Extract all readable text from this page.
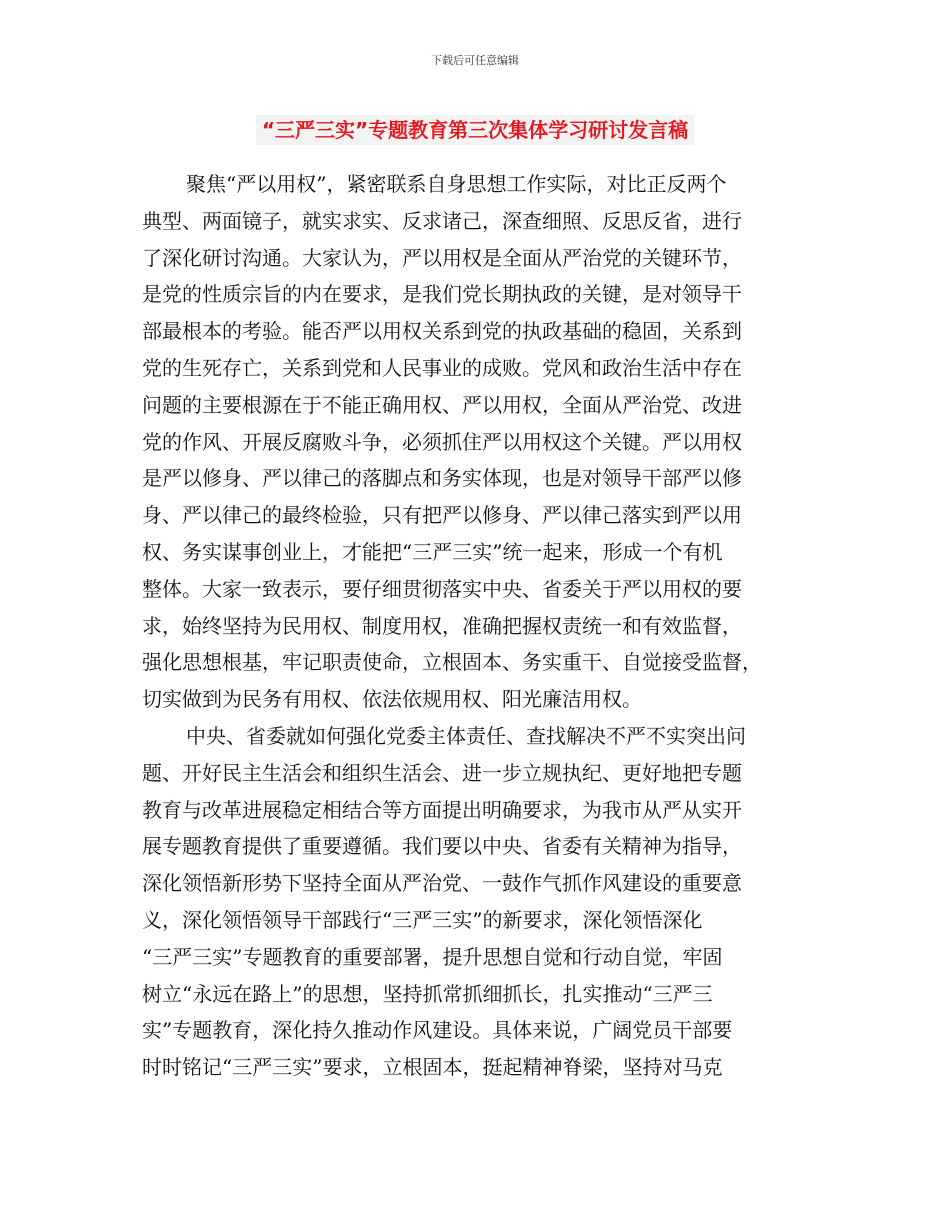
下载后可任意编辑
“三严三实”专题教育第三次集体学习研讨发言稿
聚焦“严以用权”，紧密联系自身思想工作实际，对比正反两个
典型、两面镜子，就实求实、反求诸己，深查细照、反思反省，进行
了深化研讨沟通。大家认为，严以用权是全面从严治党的关键环节，
是党的性质宗旨的内在要求，是我们党长期执政的关键，是对领导干
部最根本的考验。能否严以用权关系到党的执政基础的稳固，关系到
党的生死存亡，关系到党和人民事业的成败。党风和政治生活中存在
问题的主要根源在于不能正确用权、严以用权，全面从严治党、改进
党的作风、开展反腐败斗争，必须抓住严以用权这个关键。严以用权
是严以修身、严以律己的落脚点和务实体现，也是对领导干部严以修
身、严以律己的最终检验，只有把严以修身、严以律己落实到严以用
权、务实谋事创业上，才能把“三严三实”统一起来，形成一个有机
整体。大家一致表示，要仔细贯彻落实中央、省委关于严以用权的要
求，始终坚持为民用权、制度用权，准确把握权责统一和有效监督，
强化思想根基，牢记职责使命，立根固本、务实重干、自觉接受监督，
切实做到为民务有用权、依法依规用权、阳光廉洁用权。
中央、省委就如何强化党委主体责任、查找解决不严不实突出问
题、开好民主生活会和组织生活会、进一步立规执纪、更好地把专题
教育与改革进展稳定相结合等方面提出明确要求，为我市从严从实开
展专题教育提供了重要遵循。我们要以中央、省委有关精神为指导，
深化领悟新形势下坚持全面从严治党、一鼓作气抓作风建设的重要意
义，深化领悟领导干部践行“三严三实”的新要求，深化领悟深化
“三严三实”专题教育的重要部署，提升思想自觉和行动自觉，牢固
树立“永远在路上”的思想，坚持抓常抓细抓长，扎实推动“三严三
实”专题教育，深化持久推动作风建设。具体来说，广阔党员干部要
时时铭记“三严三实”要求，立根固本，挺起精神脊梁，坚持对马克
